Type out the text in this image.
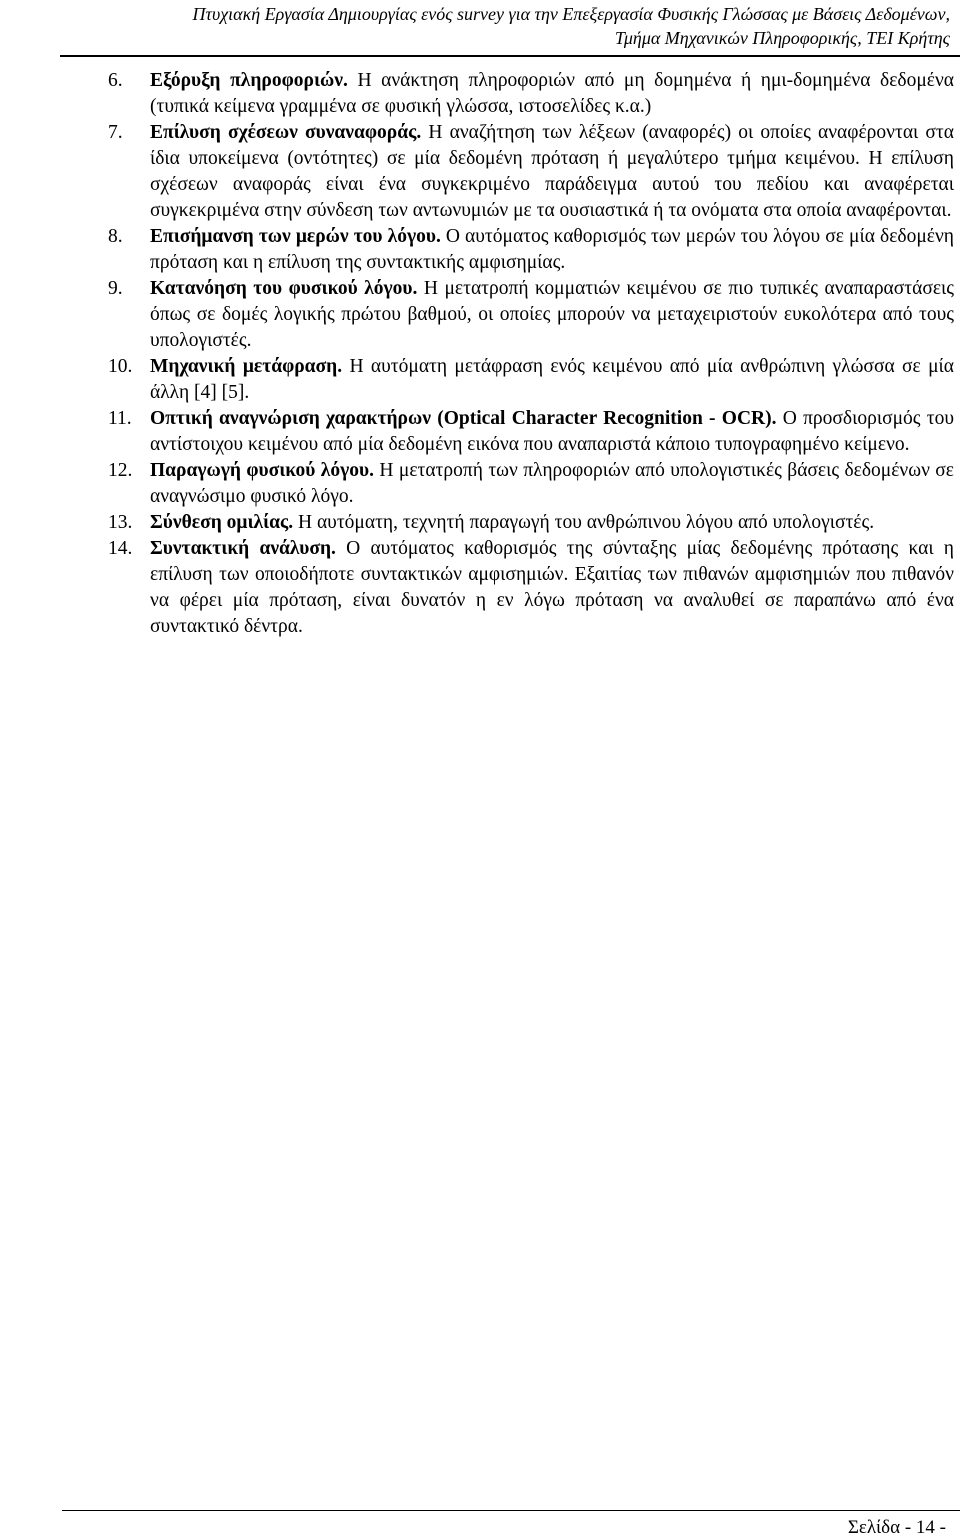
Πτυχιακή Εργασία Δημιουργίας ενός survey για την Επεξεργασία Φυσικής Γλώσσας με Βάσεις Δεδομένων,
Τμήμα Μηχανικών Πληροφορικής, ΤΕΙ Κρήτης
6. Εξόρυξη πληροφοριών. Η ανάκτηση πληροφοριών από μη δομημένα ή ημι-δομημένα δεδομένα (τυπικά κείμενα γραμμένα σε φυσική γλώσσα, ιστοσελίδες κ.α.)
7. Επίλυση σχέσεων συναναφοράς. Η αναζήτηση των λέξεων (αναφορές) οι οποίες αναφέρονται στα ίδια υποκείμενα (οντότητες) σε μία δεδομένη πρόταση ή μεγαλύτερο τμήμα κειμένου. Η επίλυση σχέσεων αναφοράς είναι ένα συγκεκριμένο παράδειγμα αυτού του πεδίου και αναφέρεται συγκεκριμένα στην σύνδεση των αντωνυμιών με τα ουσιαστικά ή τα ονόματα στα οποία αναφέρονται.
8. Επισήμανση των μερών του λόγου. Ο αυτόματος καθορισμός των μερών του λόγου σε μία δεδομένη πρόταση και η επίλυση της συντακτικής αμφισημίας.
9. Κατανόηση του φυσικού λόγου. Η μετατροπή κομματιών κειμένου σε πιο τυπικές αναπαραστάσεις όπως σε δομές λογικής πρώτου βαθμού, οι οποίες μπορούν να μεταχειριστούν ευκολότερα από τους υπολογιστές.
10. Μηχανική μετάφραση. Η αυτόματη μετάφραση ενός κειμένου από μία ανθρώπινη γλώσσα σε μία άλλη [4] [5].
11. Οπτική αναγνώριση χαρακτήρων (Optical Character Recognition - OCR). Ο προσδιορισμός του αντίστοιχου κειμένου από μία δεδομένη εικόνα που αναπαριστά κάποιο τυπογραφημένο κείμενο.
12. Παραγωγή φυσικού λόγου. Η μετατροπή των πληροφοριών από υπολογιστικές βάσεις δεδομένων σε αναγνώσιμο φυσικό λόγο.
13. Σύνθεση ομιλίας. Η αυτόματη, τεχνητή παραγωγή του ανθρώπινου λόγου από υπολογιστές.
14. Συντακτική ανάλυση. Ο αυτόματος καθορισμός της σύνταξης μίας δεδομένης πρότασης και η επίλυση των οποιοδήποτε συντακτικών αμφισημιών. Εξαιτίας των πιθανών αμφισημιών που πιθανόν να φέρει μία πρόταση, είναι δυνατόν η εν λόγω πρόταση να αναλυθεί σε παραπάνω από ένα συντακτικό δέντρα.
Σελίδα - 14 -
